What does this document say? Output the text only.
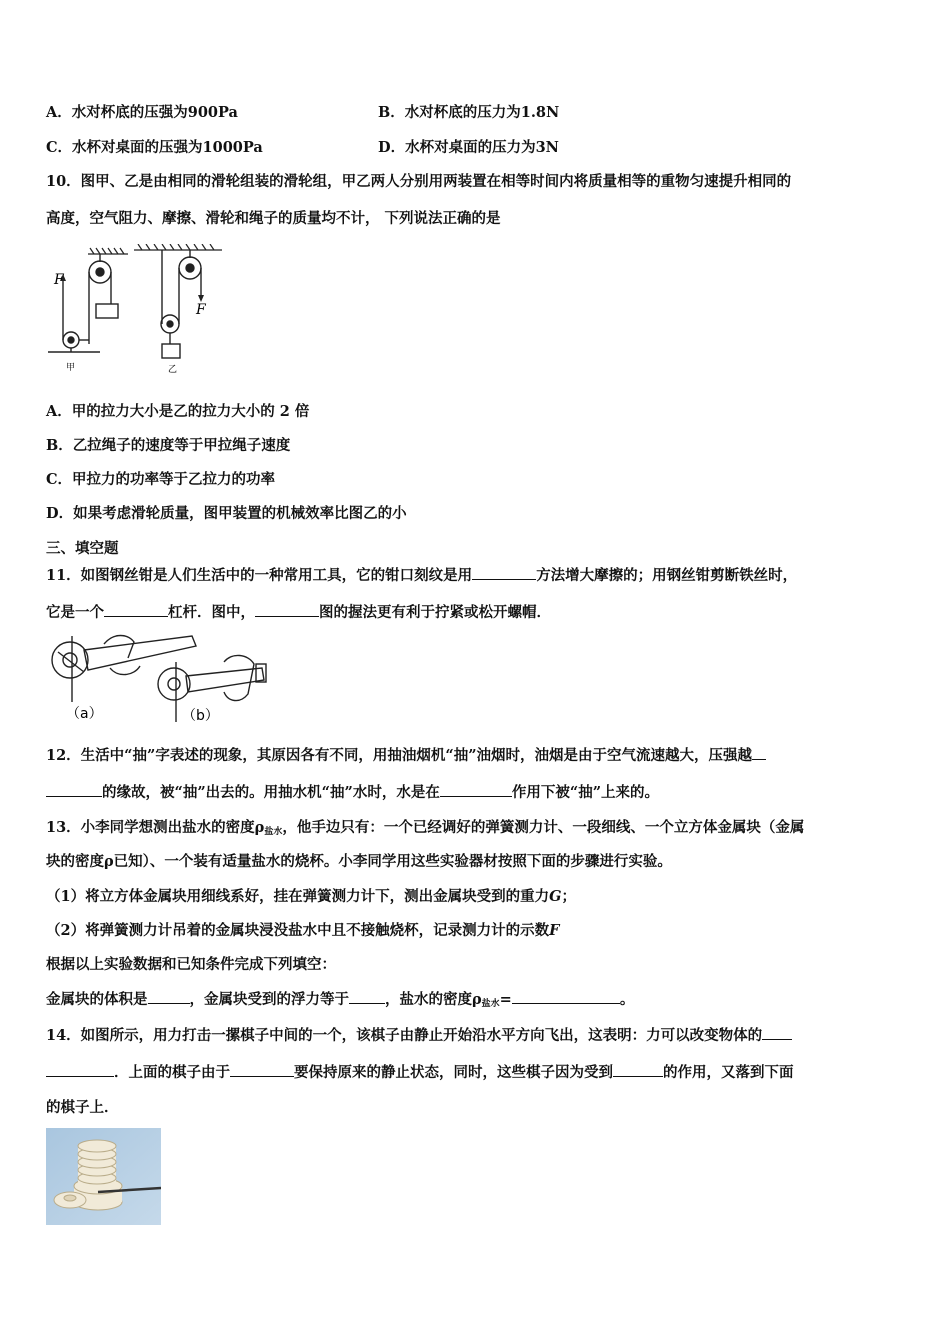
A．水对杯底的压强为900Pa	B．水对杯底的压力为1.8N
C．水杯对桌面的压强为1000Pa	D．水杯对桌面的压力为3N
10．图甲、乙是由相同的滑轮组装的滑轮组，甲乙两人分别用两装置在相等时间内将质量相等的重物匀速提升相同的
高度，空气阻力、摩擦、滑轮和绳子的质量均不计， 下列说法正确的是
F
F
甲	乙
A．甲的拉力大小是乙的拉力大小的 2 倍
B．乙拉绳子的速度等于甲拉绳子速度
C．甲拉力的功率等于乙拉力的功率
D．如果考虑滑轮质量，图甲装置的机械效率比图乙的小
三、填空题
11．如图钢丝钳是人们生活中的一种常用工具，它的钳口刻纹是用	方法增大摩擦的；用钢丝钳剪断铁丝时，
它是一个	杠杆．图中，	图的握法更有利于拧紧或松开螺帽．
（a）	（b）
12．生活中“抽”字表述的现象，其原因各有不同，用抽油烟机“抽”油烟时，油烟是由于空气流速越大，压强越
的缘故，被“抽”出去的。用抽水机“抽”水时，水是在	作用下被“抽”上来的。
13．小李同学想测出盐水的密度$\rho_{盐水}$，他手边只有：一个已经调好的弹簧测力计、一段细线、一个立方体金属块（金属
块的密度ρ已知）、一个装有适量盐水的烧杯。小李同学用这些实验器材按照下面的步骤进行实验。
（1）将立方体金属块用细线系好，挂在弹簧测力计下，测出金属块受到的重力G；
（2）将弹簧测力计吊着的金属块浸没盐水中且不接触烧杯，记录测力计的示数F
根据以上实验数据和已知条件完成下列填空：
金属块的体积是	，金属块受到的浮力等于 ，盐水的密度$\rho_{盐水}=$	。
14．如图所示，用力打击一摞棋子中间的一个，该棋子由静止开始沿水平方向飞出，这表明：力可以改变物体的
．上面的棋子由于	要保持原来的静止状态，同时，这些棋子因为受到	的作用，又落到下面
的棋子上．
